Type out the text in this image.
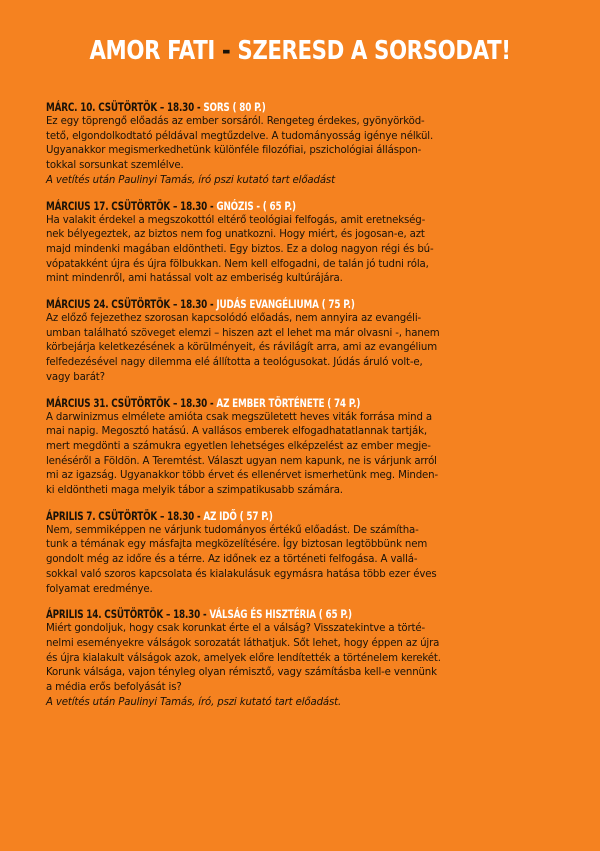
AMOR FATI - SZERESD A SORSODAT!
MÁRC. 10. CSÜTÖRTÖK – 18.30 - SORS ( 80 P.)
Ez egy töprengő előadás az ember sorsáról. Rengeteg érdekes, gyönyörköd-
tető, elgondolkodtató példával megtűzdelve. A tudományosság igénye nélkül.
Ugyanakkor megismerkedhetünk különféle filozófiai, pszichológiai álláspon-
tokkal sorsunkat szemlélve.
A vetítés után Paulinyi Tamás, író pszi kutató tart előadást
MÁRCIUS 17. CSÜTÖRTÖK – 18.30 - GNÓZIS - ( 65 P.)
Ha valakit érdekel a megszokottól eltérő teológiai felfogás, amit eretnekség-
nek bélyegeztek, az biztos nem fog unatkozni. Hogy miért, és jogosan-e, azt
majd mindenki magában eldöntheti. Egy biztos. Ez a dolog nagyon régi és bú-
vópatakként újra és újra fölbukkan. Nem kell elfogadni, de talán jó tudni róla,
mint mindenről, ami hatással volt az emberiség kultúrájára.
MÁRCIUS 24. CSÜTÖRTÖK – 18.30 - JUDÁS EVANGÉLIUMA ( 75 P.)
Az előző fejezethez szorosan kapcsolódó előadás, nem annyira az evangéli-
umban található szöveget elemzi – hiszen azt el lehet ma már olvasni -, hanem
körbejárja keletkezésének a körülményeit, és rávilágít arra, ami az evangélium
felfedezésével nagy dilemma elé állította a teológusokat. Júdás áruló volt-e,
vagy barát?
MÁRCIUS 31. CSÜTÖRTÖK – 18.30 - AZ EMBER TÖRTÉNETE ( 74 P.)
A darwinizmus elmélete amióta csak megszületett heves viták forrása mind a
mai napig. Megosztó hatású. A vallásos emberek elfogadhatatlannak tartják,
mert megdönti a számukra egyetlen lehetséges elképzelést az ember megje-
lenéséről a Földön. A Teremtést. Választ ugyan nem kapunk, ne is várjunk arról
mi az igazság. Ugyanakkor több érvet és ellenérvet ismerhetünk meg. Minden-
ki eldöntheti maga melyik tábor a szimpatikusabb számára.
ÁPRILIS 7. CSÜTÖRTÖK – 18.30 - AZ IDŐ ( 57 P.)
Nem, semmiképpen ne várjunk tudományos értékű előadást. De számítha-
tunk a témának egy másfajta megközelítésére. Így biztosan legtöbbünk nem
gondolt még az időre és a térre. Az időnek ez a történeti felfogása. A vallá-
sokkal való szoros kapcsolata és kialakulásuk egymásra hatása több ezer éves
folyamat eredménye.
ÁPRILIS 14. CSÜTÖRTÖK – 18.30 - VÁLSÁG ÉS HISZTÉRIA ( 65 P.)
Miért gondoljuk, hogy csak korunkat érte el a válság? Visszatekintve a törté-
nelmi eseményekre válságok sorozatát láthatjuk. Sőt lehet, hogy éppen az újra
és újra kialakult válságok azok, amelyek előre lendítették a történelem kerekét.
Korunk válsága, vajon tényleg olyan rémisztő, vagy számításba kell-e vennünk
a média erős befolyását is?
A vetítés után Paulinyi Tamás, író, pszi kutató tart előadást.
